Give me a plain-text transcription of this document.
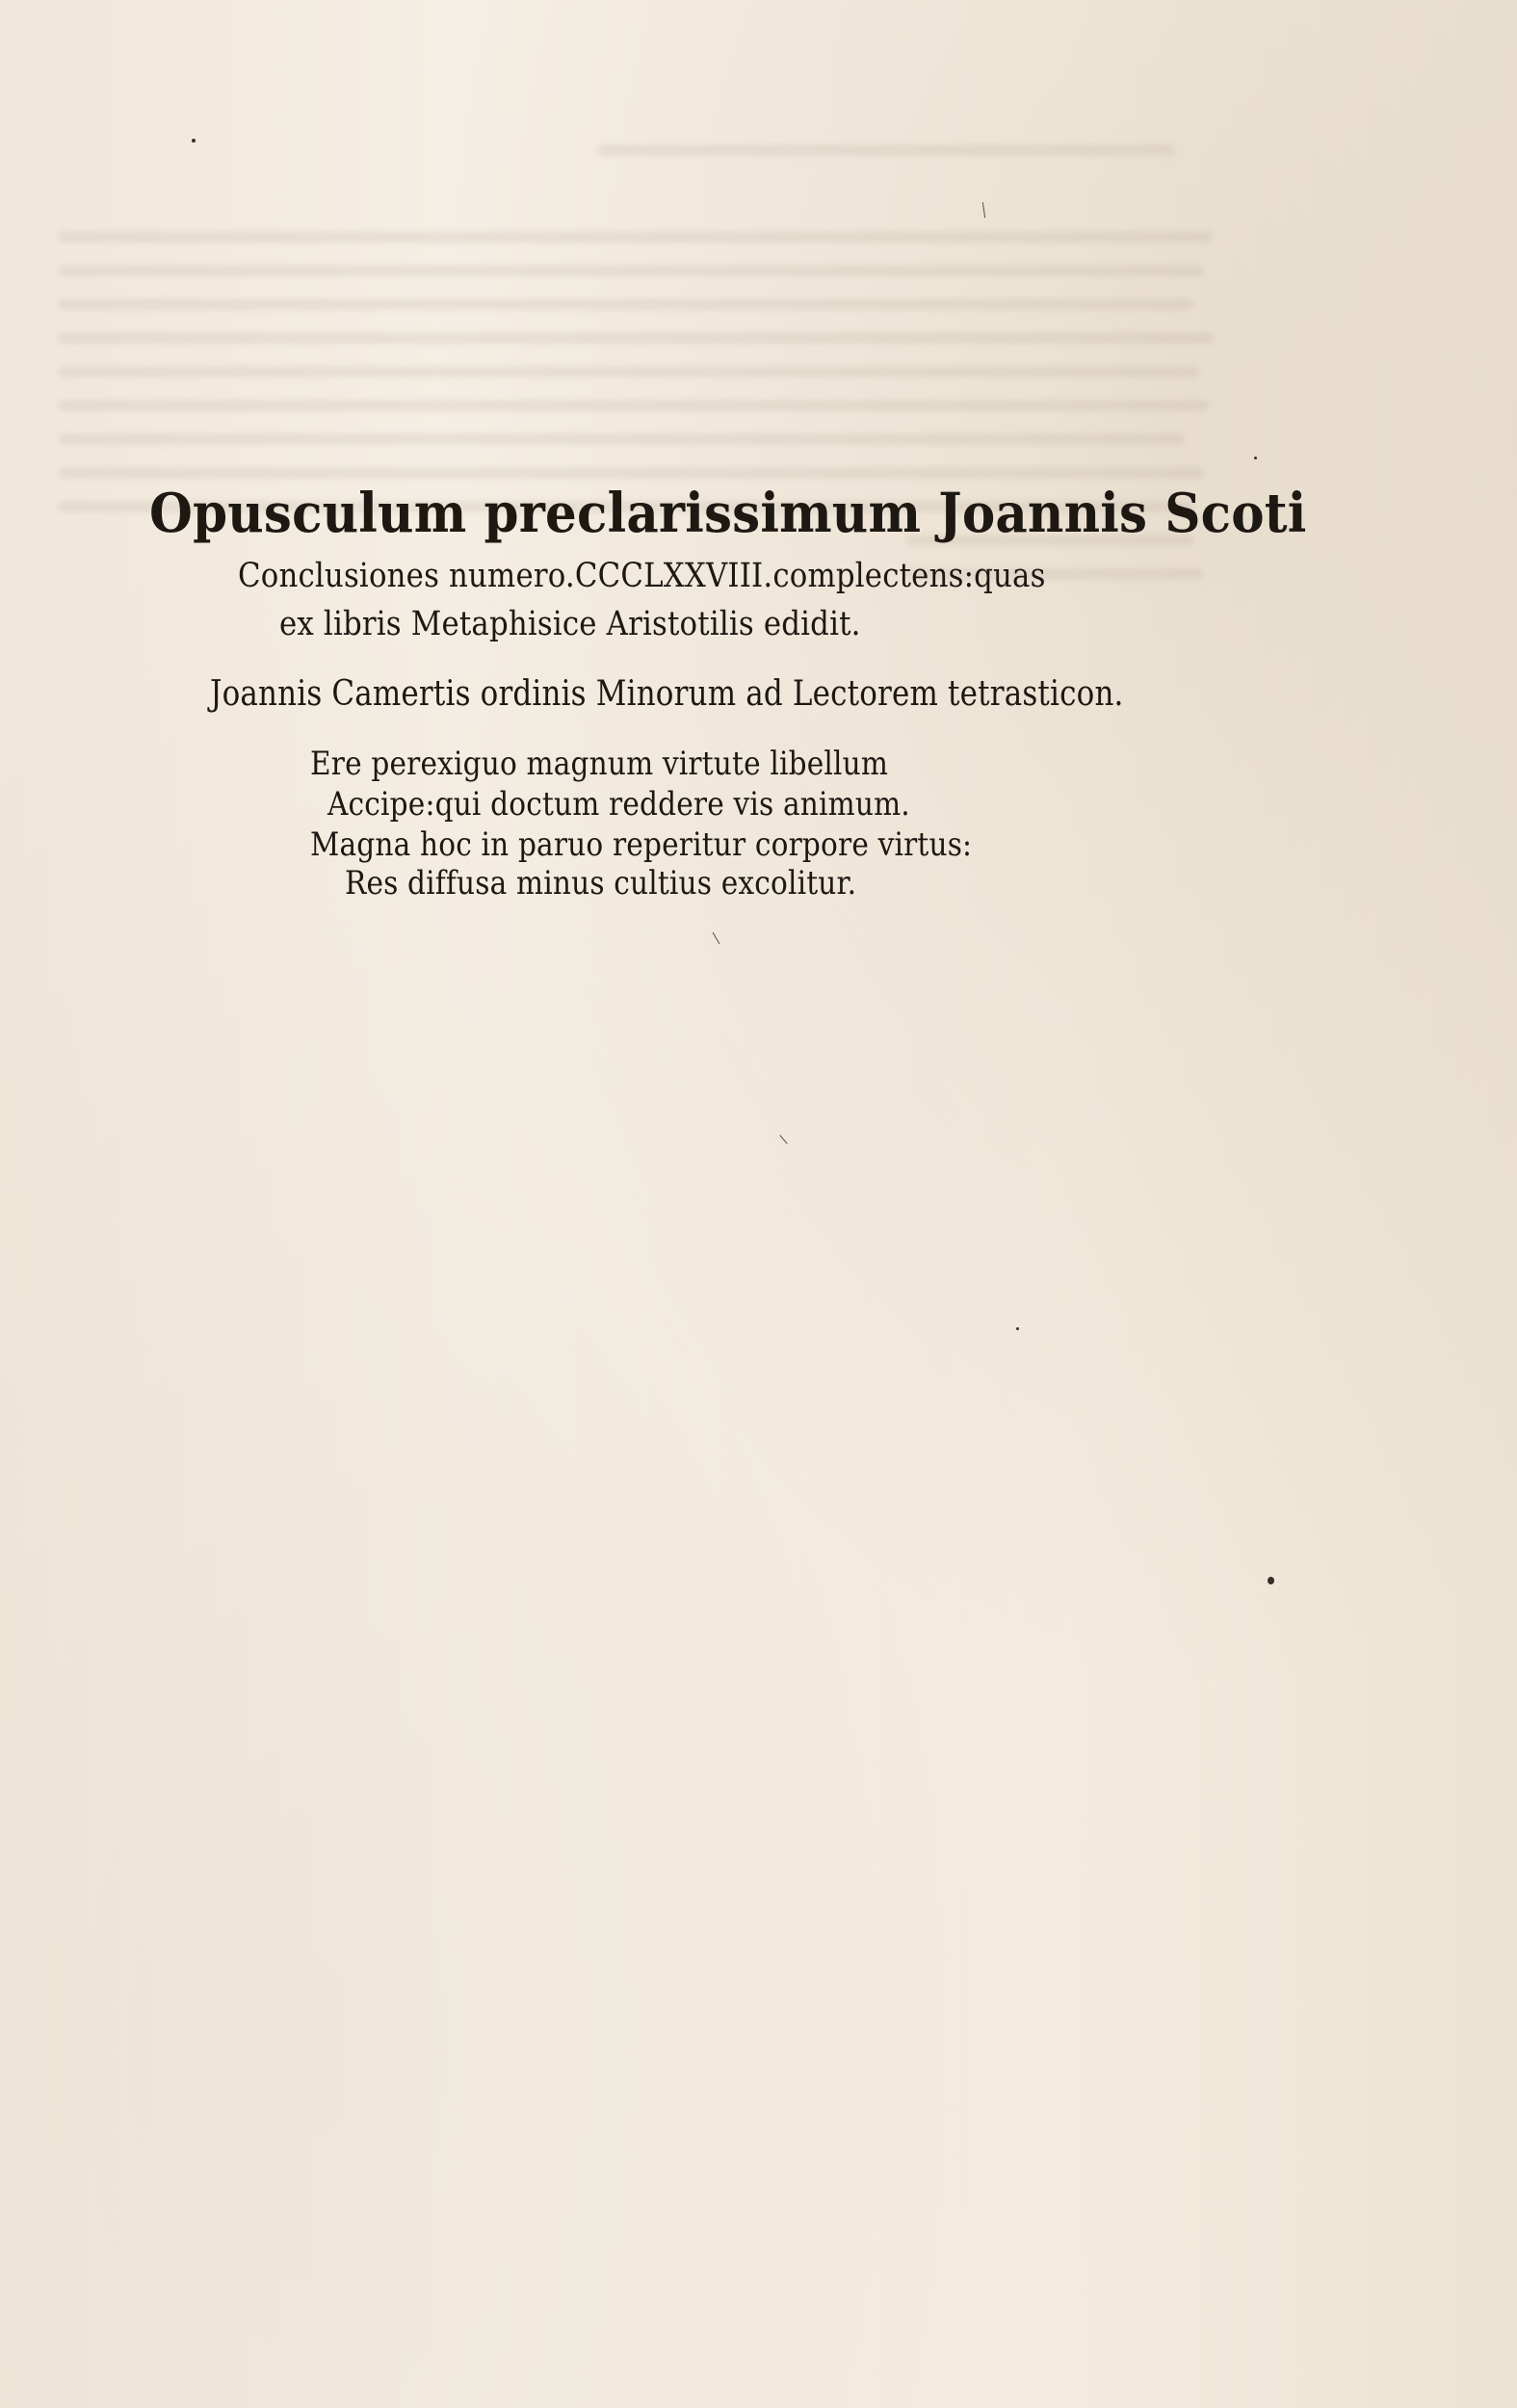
Opusculum preclarissimum Joannis Scoti
Conclusiones numero.CCCLXXVIII.complectens:quas
ex libris Metaphisice Aristotilis edidit.
Joannis Camertis ordinis Minorum ad Lectorem tetrasticon.
Ere perexiguo magnum virtute libellum
Accipe:qui doctum reddere vis animum.
Magna hoc in paruo reperitur corpore virtus:
Res diffusa minus cultius excolitur.
